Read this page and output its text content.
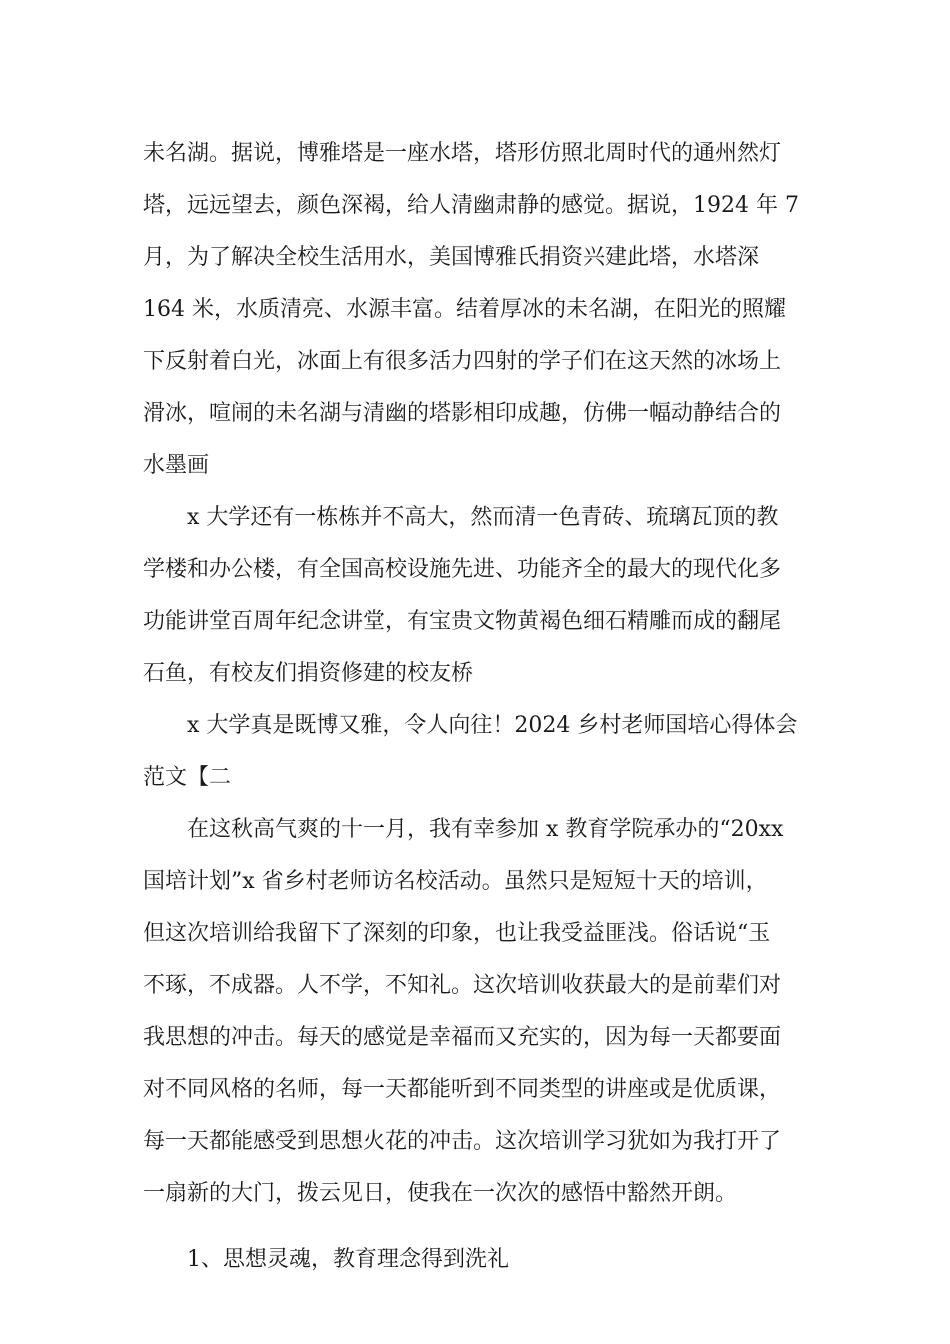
未名湖。据说，博雅塔是一座水塔，塔形仿照北周时代的通州然灯
塔，远远望去，颜色深褐，给人清幽肃静的感觉。据说，1924 年 7
月，为了解决全校生活用水，美国博雅氏捐资兴建此塔，水塔深
164 米，水质清亮、水源丰富。结着厚冰的未名湖，在阳光的照耀
下反射着白光，冰面上有很多活力四射的学子们在这天然的冰场上
滑冰，喧闹的未名湖与清幽的塔影相印成趣，仿佛一幅动静结合的
水墨画
x 大学还有一栋栋并不高大，然而清一色青砖、琉璃瓦顶的教
学楼和办公楼，有全国高校设施先进、功能齐全的最大的现代化多
功能讲堂百周年纪念讲堂，有宝贵文物黄褐色细石精雕而成的翻尾
石鱼，有校友们捐资修建的校友桥
x 大学真是既博又雅，令人向往！2024 乡村老师国培心得体会
范文【二
在这秋高气爽的十一月，我有幸参加 x 教育学院承办的“20xx
国培计划”x 省乡村老师访名校活动。虽然只是短短十天的培训，
但这次培训给我留下了深刻的印象，也让我受益匪浅。俗话说“玉
不琢，不成器。人不学，不知礼。这次培训收获最大的是前辈们对
我思想的冲击。每天的感觉是幸福而又充实的，因为每一天都要面
对不同风格的名师，每一天都能听到不同类型的讲座或是优质课，
每一天都能感受到思想火花的冲击。这次培训学习犹如为我打开了
一扇新的大门，拨云见日，使我在一次次的感悟中豁然开朗。
1、思想灵魂，教育理念得到洗礼
